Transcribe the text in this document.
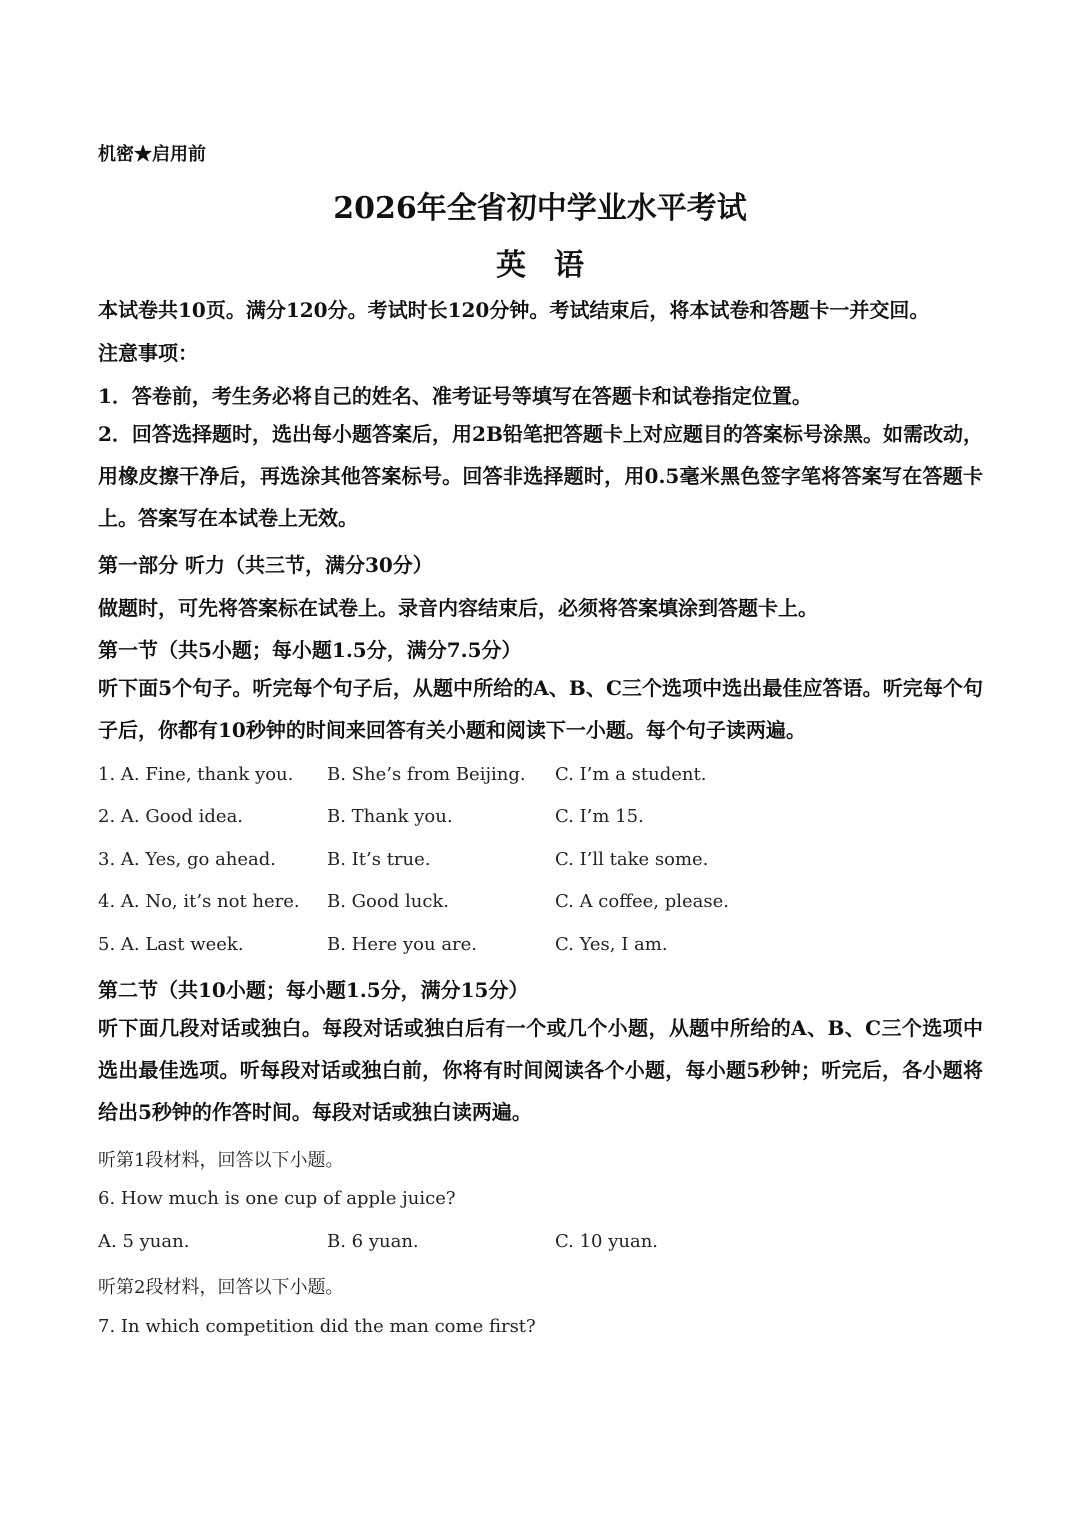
机密★启用前
2026年全省初中学业水平考试
英语
本试卷共10页。满分120分。考试时长120分钟。考试结束后，将本试卷和答题卡一并交回。
注意事项：
1．答卷前，考生务必将自己的姓名、准考证号等填写在答题卡和试卷指定位置。
2．回答选择题时，选出每小题答案后，用2B铅笔把答题卡上对应题目的答案标号涂黑。如需改动，用橡皮擦干净后，再选涂其他答案标号。回答非选择题时，用0.5毫米黑色签字笔将答案写在答题卡上。答案写在本试卷上无效。
第一部分 听力（共三节，满分30分）
做题时，可先将答案标在试卷上。录音内容结束后，必须将答案填涂到答题卡上。
第一节（共5小题；每小题1.5分，满分7.5分）
听下面5个句子。听完每个句子后，从题中所给的A、B、C三个选项中选出最佳应答语。听完每个句子后，你都有10秒钟的时间来回答有关小题和阅读下一小题。每个句子读两遍。
1. A. Fine, thank you. B. She’s from Beijing. C. I’m a student.
2. A. Good idea.	B. Thank you.	C. I’m 15.
3. A. Yes, go ahead.	B. It’s true.	C. I’ll take some.
4. A. No, it’s not here. B. Good luck.	C. A coffee, please.
5. A. Last week.	B. Here you are.	C. Yes, I am.
第二节（共10小题；每小题1.5分，满分15分）
听下面几段对话或独白。每段对话或独白后有一个或几个小题，从题中所给的A、B、C三个选项中选出最佳选项。听每段对话或独白前，你将有时间阅读各个小题，每小题5秒钟；听完后，各小题将给出5秒钟的作答时间。每段对话或独白读两遍。
听第1段材料，回答以下小题。
6. How much is one cup of apple juice?
A. 5 yuan.	B. 6 yuan.	C. 10 yuan.
听第2段材料，回答以下小题。
7. In which competition did the man come first?
